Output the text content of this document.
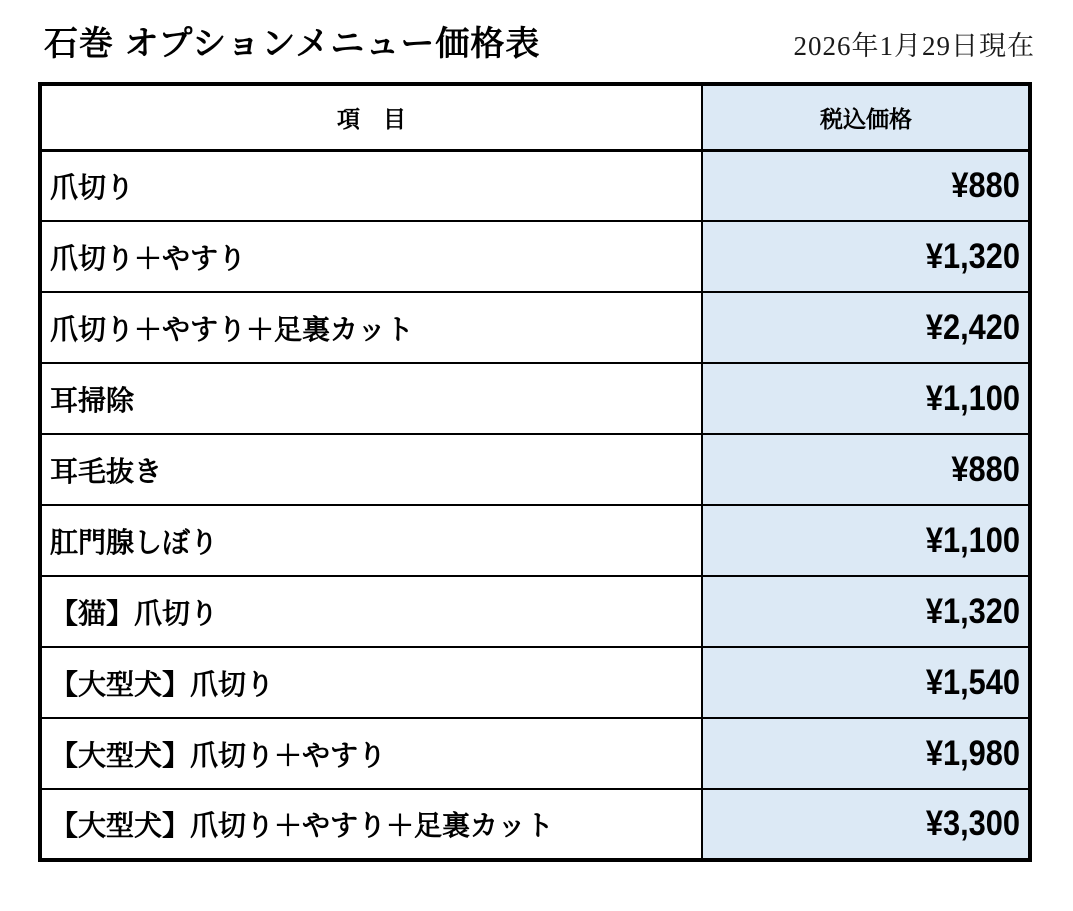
石巻 オプションメニュー価格表	2026年1月29日現在
項　目	税込価格
爪切り	¥880
爪切り＋やすり	¥1,320
爪切り＋やすり＋足裏カット	¥2,420
耳掃除	¥1,100
耳毛抜き	¥880
肛門腺しぼり	¥1,100
【猫】爪切り	¥1,320
【大型犬】爪切り	¥1,540
【大型犬】爪切り＋やすり	¥1,980
【大型犬】爪切り＋やすり＋足裏カット	¥3,300
